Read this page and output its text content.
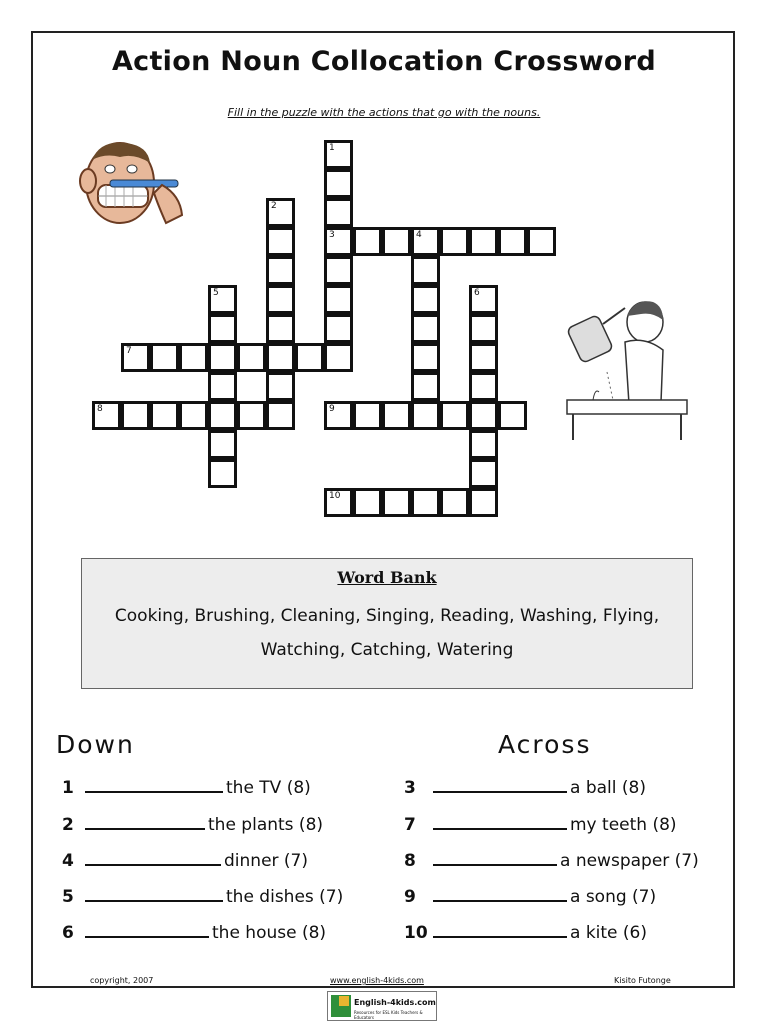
Action Noun Collocation Crossword
Fill in the puzzle with the actions that go with the nouns.
1
2
3	4
5	6
7
8	9
10
Word Bank
Cooking, Brushing, Cleaning, Singing, Reading, Washing, Flying,
Watching, Catching, Watering
Down	Across
1	the TV (8)
2	the plants (8)
4	dinner (7)
5	the dishes (7)
6	the house (8)
3	a ball (8)
7	my teeth (8)
8	a newspaper (7)
9	a song (7)
10	a kite (6)
copyright, 2007	www.english-4kids.com	Kisito Futonge
English-4kids.com
Resources for ESL Kids Teachers & Educators
